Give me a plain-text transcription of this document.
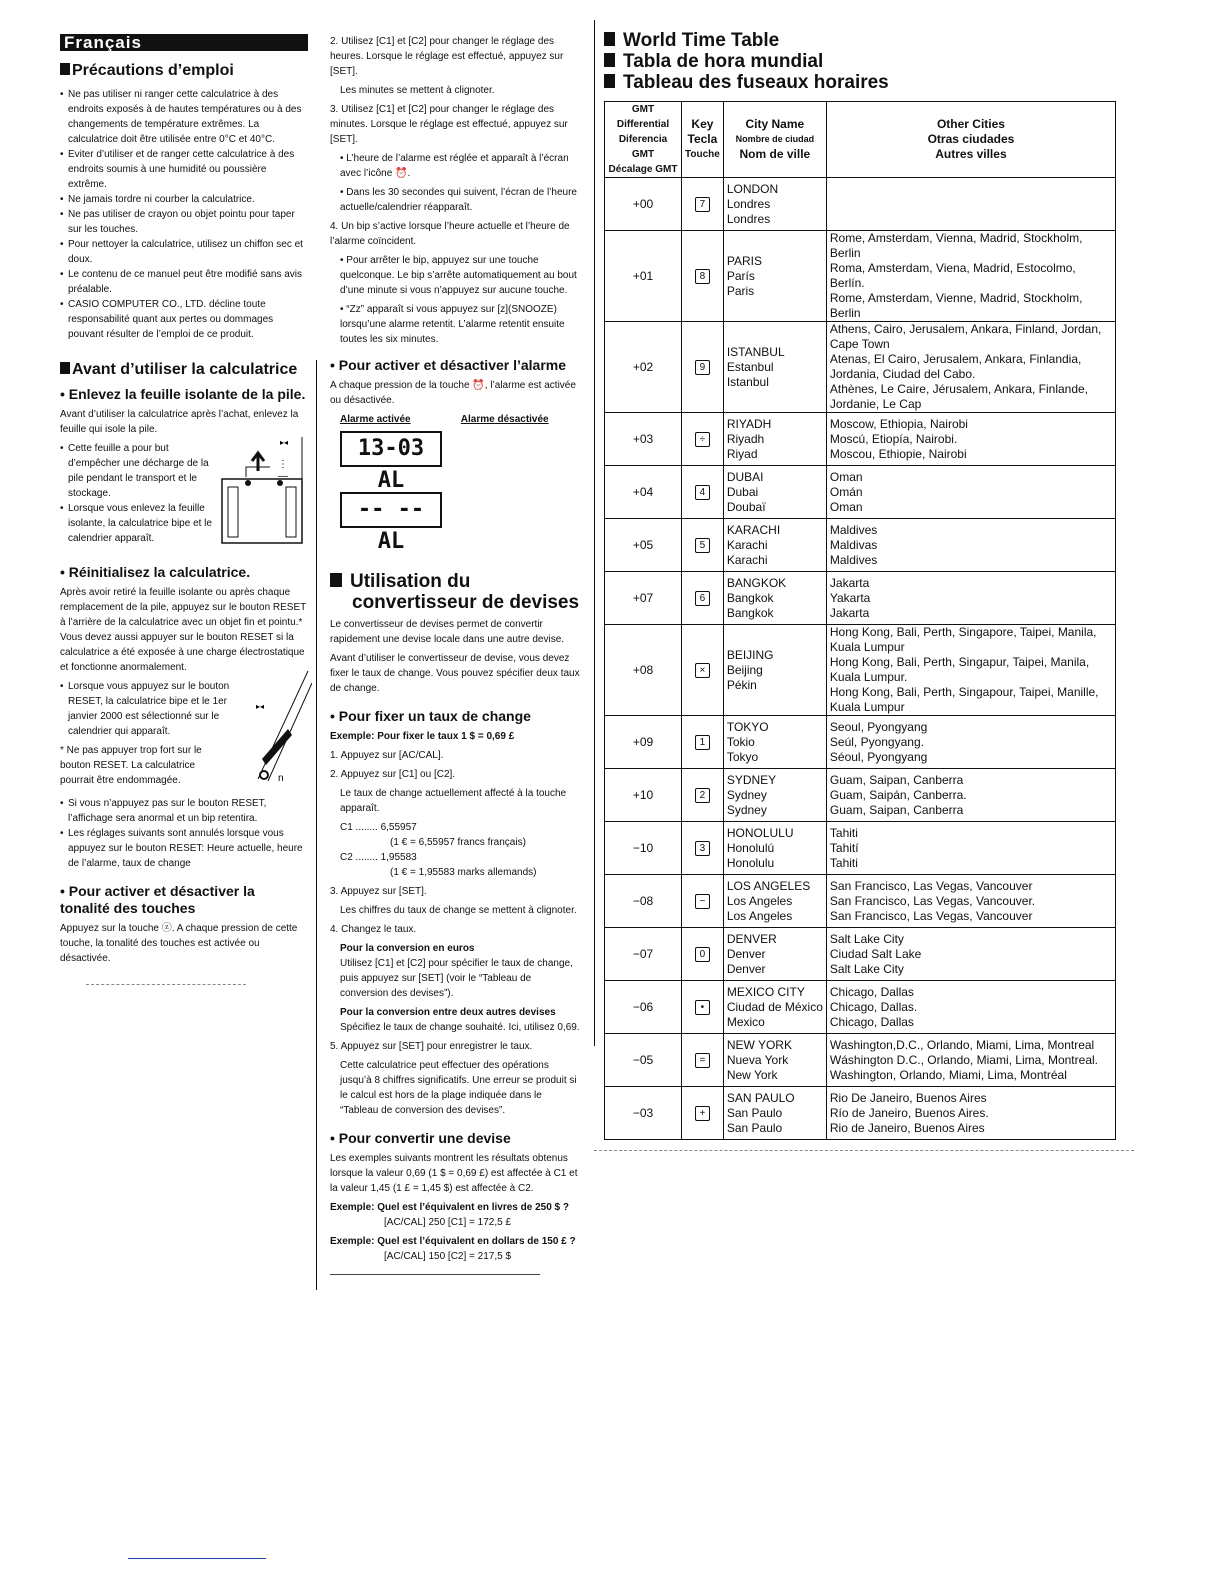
Français
Précautions d’emploi
• Ne pas utiliser ni ranger cette calculatrice à des endroits exposés à de hautes températures ou à des changements de température extrêmes. La calculatrice doit être utilisée entre 0°C et 40°C.
• Eviter d’utiliser et de ranger cette calculatrice à des endroits soumis à une humidité ou poussière extrême.
• Ne jamais tordre ni courber la calculatrice.
• Ne pas utiliser de crayon ou objet pointu pour taper sur les touches.
• Pour nettoyer la calculatrice, utilisez un chiffon sec et doux.
• Le contenu de ce manuel peut être modifié sans avis préalable.
• CASIO COMPUTER CO., LTD. décline toute responsabilité quant aux pertes ou dommages pouvant résulter de l’emploi de ce produit.
Avant d’utiliser la calculatrice
• Enlevez la feuille isolante de la pile.

Avant d’utiliser la calculatrice après l’achat, enlevez la feuille qui isole la pile.

• Cette feuille a pour but d’empêcher une décharge de la pile pendant le transport et le stockage.
• Lorsque vous enlevez la feuille isolante, la calculatrice bipe et le calendrier apparaît.
⋮
—
▸◂
• Réinitialisez la calculatrice.

Après avoir retiré la feuille isolante ou après chaque remplacement de la pile, appuyez sur le bouton RESET à l’arrière de la calculatrice avec un objet fin et pointu.* Vous devez aussi appuyer sur le bouton RESET si la calculatrice a été exposée à une charge électrostatique et fonctionne anormalement.

• Lorsque vous appuyez sur le bouton RESET, la calculatrice bipe et le 1er janvier 2000 est sélectionné sur le calendrier qui apparaît.

* Ne pas appuyer trop fort sur le bouton RESET. La calculatrice pourrait être endommagée.

▸◂
n
• Si vous n’appuyez pas sur le bouton RESET, l’affichage sera anormal et un bip retentira.
• Les réglages suivants sont annulés lorsque vous appuyez sur le bouton RESET: Heure actuelle, heure de l’alarme, taux de change
• Pour activer et désactiver la tonalité des touches

Appuyez sur la touche ⓩ. A chaque pression de cette touche, la tonalité des touches est activée ou désactivée.

2. Utilisez [C1] et [C2] pour changer le réglage des heures. Lorsque le réglage est effectué, appuyez sur [SET].

Les minutes se mettent à clignoter.

3. Utilisez [C1] et [C2] pour changer le réglage des minutes. Lorsque le réglage est effectué, appuyez sur [SET].

• L’heure de l’alarme est réglée et apparaît à l’écran avec l’icône ⏰.

• Dans les 30 secondes qui suivent, l’écran de l’heure actuelle/calendrier réapparaît.

4. Un bip s’active lorsque l’heure actuelle et l’heure de l’alarme coïncident.

• Pour arrêter le bip, appuyez sur une touche quelconque. Le bip s’arrête automatiquement au bout d’une minute si vous n’appuyez sur aucune touche.

• “Zz” apparaît si vous appuyez sur [z](SNOOZE) lorsqu’une alarme retentit. L’alarme retentit ensuite toutes les six minutes.

• Pour activer et désactiver l’alarme

A chaque pression de la touche ⏰, l’alarme est activée ou désactivée.

Alarme activée	Alarme désactivée
13-03 AL -- -- AL
Utilisation du
convertisseur de devises

Le convertisseur de devises permet de convertir rapidement une devise locale dans une autre devise.

Avant d’utiliser le convertisseur de devise, vous devez fixer le taux de change. Vous pouvez spécifier deux taux de change.

• Pour fixer un taux de change

Exemple: Pour fixer le taux 1 $ = 0,69 £

1. Appuyez sur [AC/CAL].

2. Appuyez sur [C1] ou [C2].

Le taux de change actuellement affecté à la touche apparaît.

C1 ........ 6,55957

(1 € = 6,55957 francs français)

C2 ........ 1,95583

(1 € = 1,95583 marks allemands)

3. Appuyez sur [SET].

Les chiffres du taux de change se mettent à clignoter.

4. Changez le taux.

Pour la conversion en euros

Utilisez [C1] et [C2] pour spécifier le taux de change, puis appuyez sur [SET] (voir le “Tableau de conversion des devises”).

Pour la conversion entre deux autres devises

Spécifiez le taux de change souhaité. Ici, utilisez 0,69.

5. Appuyez sur [SET] pour enregistrer le taux.

Cette calculatrice peut effectuer des opérations jusqu’à 8 chiffres significatifs. Une erreur se produit si le calcul est hors de la plage indiquée dans le “Tableau de conversion des devises”.

• Pour convertir une devise

Les exemples suivants montrent les résultats obtenus lorsque la valeur 0,69 (1 $ = 0,69 £) est affectée à C1 et la valeur 1,45 (1 £ = 1,45 $) est affectée à C2.

Exemple: Quel est l’équivalent en livres de 250 $ ?

[AC/CAL] 250 [C1] = 172,5 £

Exemple: Quel est l’équivalent en dollars de 150 £ ?

[AC/CAL] 150 [C2] = 217,5 $

World Time Table
Tabla de hora mundial
Tableau des fuseaux horaires
GMT Differential
Diferencia GMT
Décalage GMT	Key
Tecla
Touche	City Name
Nombre de ciudad
Nom de ville	Other Cities
Otras ciudades
Autres villes

+00	7	LONDON
Londres
Londres	

+01	8	PARIS
París
Paris	Rome, Amsterdam, Vienna, Madrid, Stockholm, Berlin
Roma, Amsterdam, Viena, Madrid, Estocolmo, Berlín.
Rome, Amsterdam, Vienne, Madrid, Stockholm, Berlin

+02	9	ISTANBUL
Estanbul
Istanbul	Athens, Cairo, Jerusalem, Ankara, Finland, Jordan, Cape Town
Atenas, El Cairo, Jerusalem, Ankara, Finlandia, Jordania, Ciudad del Cabo.
Athènes, Le Caire, Jérusalem, Ankara, Finlande, Jordanie, Le Cap

+03	÷	RIYADH
Riyadh
Riyad	Moscow, Ethiopia, Nairobi
Moscú, Etiopía, Nairobi.
Moscou, Ethiopie, Nairobi

+04	4	DUBAI
Dubai
Doubaï	Oman
Omán
Oman

+05	5	KARACHI
Karachi
Karachi	Maldives
Maldivas
Maldives

+07	6	BANGKOK
Bangkok
Bangkok	Jakarta
Yakarta
Jakarta

+08	×	BEIJING
Beijing
Pékin	Hong Kong, Bali, Perth, Singapore, Taipei, Manila, Kuala Lumpur
Hong Kong, Bali, Perth, Singapur, Taipei, Manila, Kuala Lumpur.
Hong Kong, Bali, Perth, Singapour, Taipei, Manille, Kuala Lumpur

+09	1	TOKYO
Tokio
Tokyo	Seoul, Pyongyang
Seúl, Pyongyang.
Séoul, Pyongyang

+10	2	SYDNEY
Sydney
Sydney	Guam, Saipan, Canberra
Guam, Saipán, Canberra.
Guam, Saipan, Canberra

−10	3	HONOLULU
Honolulú
Honolulu	Tahiti
Tahití
Tahiti

−08	−	LOS ANGELES
Los Angeles
Los Angeles	San Francisco, Las Vegas, Vancouver
San Francisco, Las Vegas, Vancouver.
San Francisco, Las Vegas, Vancouver

−07	0	DENVER
Denver
Denver	Salt Lake City
Ciudad Salt Lake
Salt Lake City

−06	•	MEXICO CITY
Ciudad de México
Mexico	Chicago, Dallas
Chicago, Dallas.
Chicago, Dallas

−05	=	NEW YORK
Nueva York
New York	Washington,D.C., Orlando, Miami, Lima, Montreal
Wáshington D.C., Orlando, Miami, Lima, Montreal.
Washington, Orlando, Miami, Lima, Montréal

−03	+	SAN PAULO
San Paulo
San Paulo	Rio De Janeiro, Buenos Aires
Río de Janeiro, Buenos Aires.
Rio de Janeiro, Buenos Aires
